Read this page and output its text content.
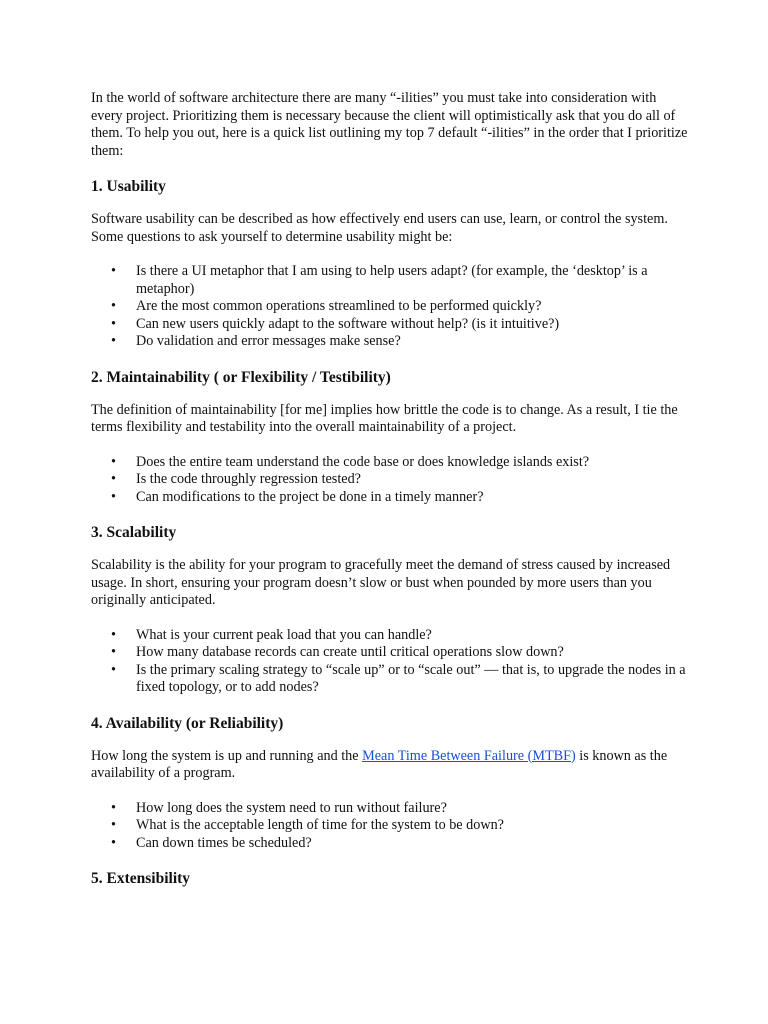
In the world of software architecture there are many “-ilities” you must take into consideration with every project. Prioritizing them is necessary because the client will optimistically ask that you do all of them. To help you out, here is a quick list outlining my top 7 default “-ilities” in the order that I prioritize them:

1. Usability

Software usability can be described as how effectively end users can use, learn, or control the system. Some questions to ask yourself to determine usability might be:

• Is there a UI metaphor that I am using to help users adapt? (for example, the ‘desktop’ is a metaphor)
• Are the most common operations streamlined to be performed quickly?
• Can new users quickly adapt to the software without help? (is it intuitive?)
• Do validation and error messages make sense?
2. Maintainability ( or Flexibility / Testibility)

The definition of maintainability [for me] implies how brittle the code is to change. As a result, I tie the terms flexibility and testability into the overall maintainability of a project.

• Does the entire team understand the code base or does knowledge islands exist?
• Is the code throughly regression tested?
• Can modifications to the project be done in a timely manner?
3. Scalability

Scalability is the ability for your program to gracefully meet the demand of stress caused by increased usage. In short, ensuring your program doesn’t slow or bust when pounded by more users than you originally anticipated.

• What is your current peak load that you can handle?
• How many database records can create until critical operations slow down?
• Is the primary scaling strategy to “scale up” or to “scale out” — that is, to upgrade the nodes in a fixed topology, or to add nodes?
4. Availability (or Reliability)

How long the system is up and running and the Mean Time Between Failure (MTBF) is known as the availability of a program.

• How long does the system need to run without failure?
• What is the acceptable length of time for the system to be down?
• Can down times be scheduled?
5. Extensibility
